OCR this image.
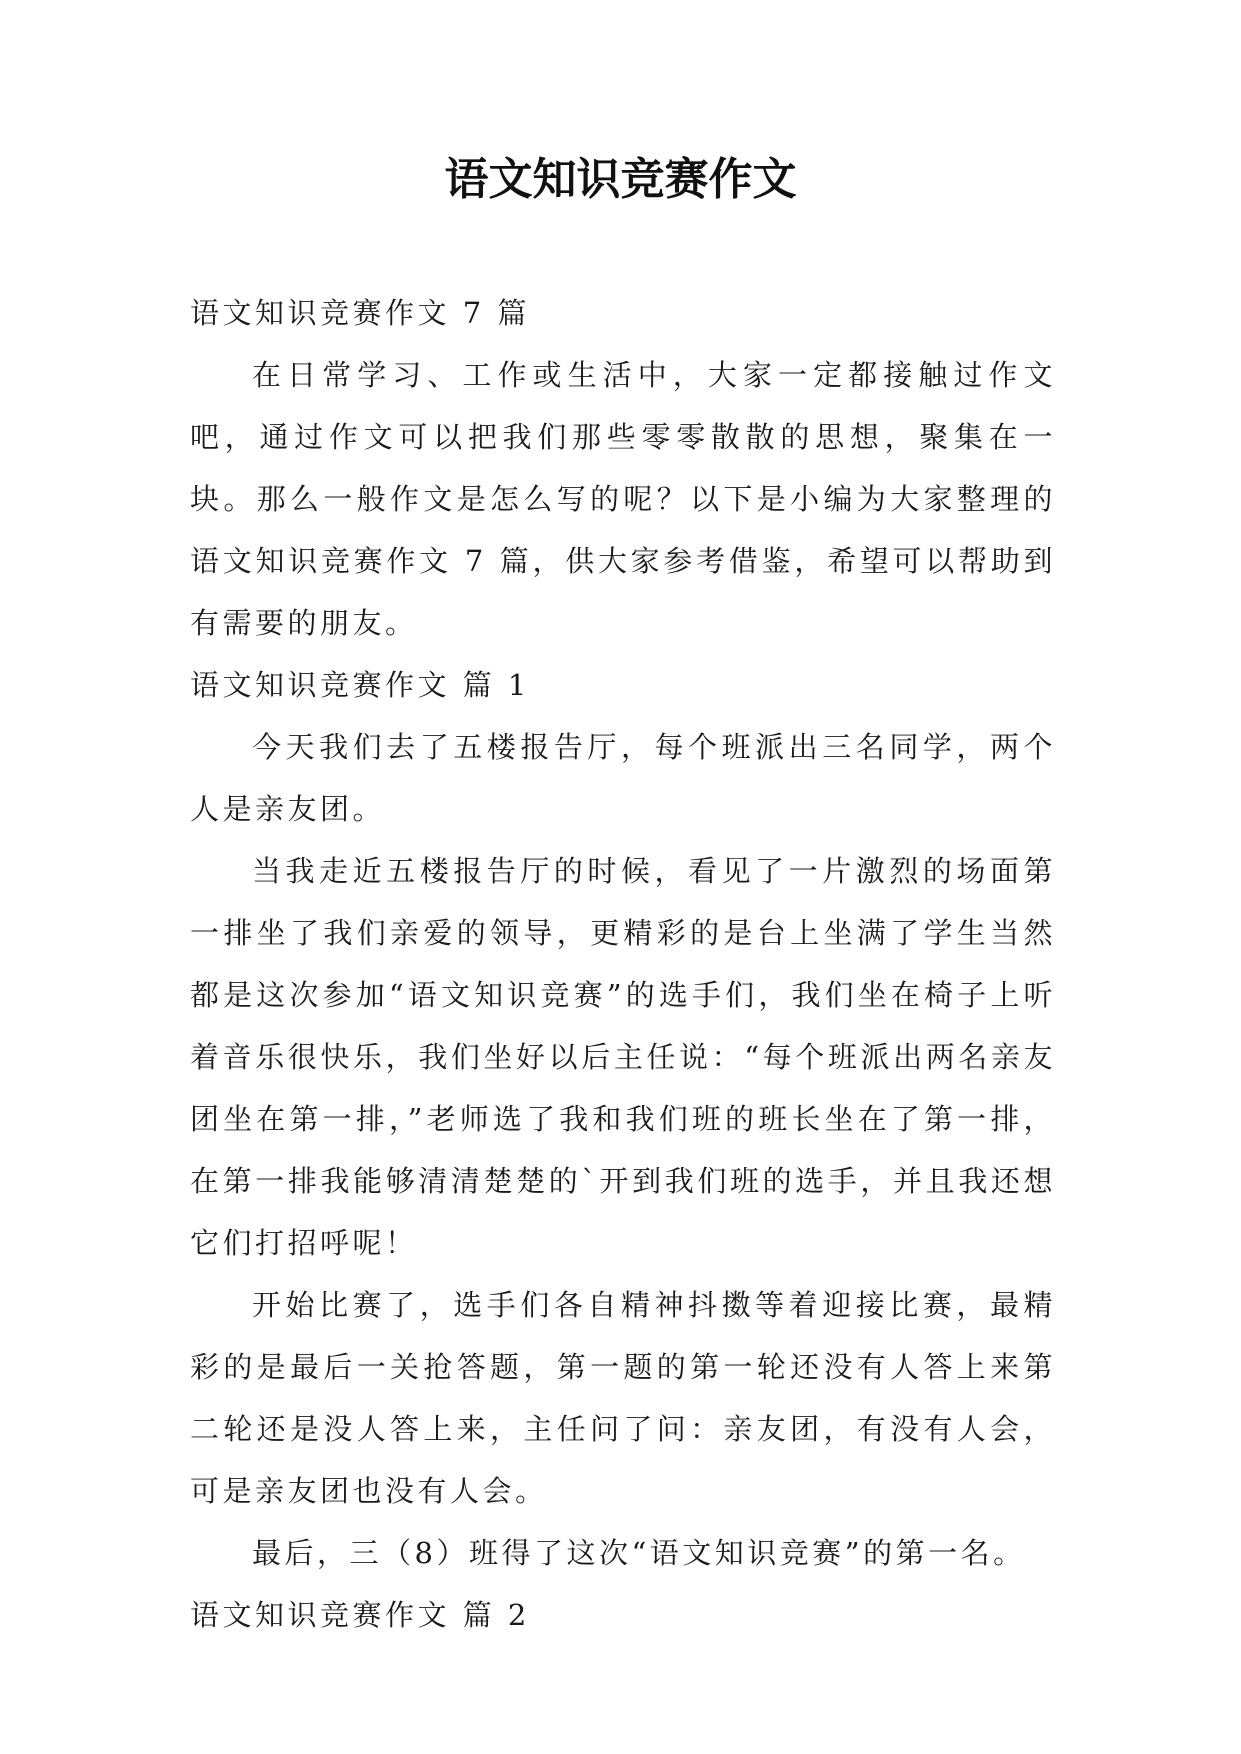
语文知识竞赛作文

语文知识竞赛作文 7 篇

在日常学习、工作或生活中，大家一定都接触过作文吧，通过作文可以把我们那些零零散散的思想，聚集在一块。那么一般作文是怎么写的呢？以下是小编为大家整理的语文知识竞赛作文 7 篇，供大家参考借鉴，希望可以帮助到有需要的朋友。

语文知识竞赛作文 篇 1

今天我们去了五楼报告厅，每个班派出三名同学，两个人是亲友团。

当我走近五楼报告厅的时候，看见了一片激烈的场面第一排坐了我们亲爱的领导，更精彩的是台上坐满了学生当然都是这次参加“语文知识竞赛”的选手们，我们坐在椅子上听着音乐很快乐，我们坐好以后主任说：“每个班派出两名亲友团坐在第一排，”老师选了我和我们班的班长坐在了第一排，在第一排我能够清清楚楚的`开到我们班的选手，并且我还想它们打招呼呢！

开始比赛了，选手们各自精神抖擞等着迎接比赛，最精彩的是最后一关抢答题，第一题的第一轮还没有人答上来第二轮还是没人答上来，主任问了问：亲友团，有没有人会，可是亲友团也没有人会。

最后，三（8）班得了这次“语文知识竞赛”的第一名。

语文知识竞赛作文 篇 2
